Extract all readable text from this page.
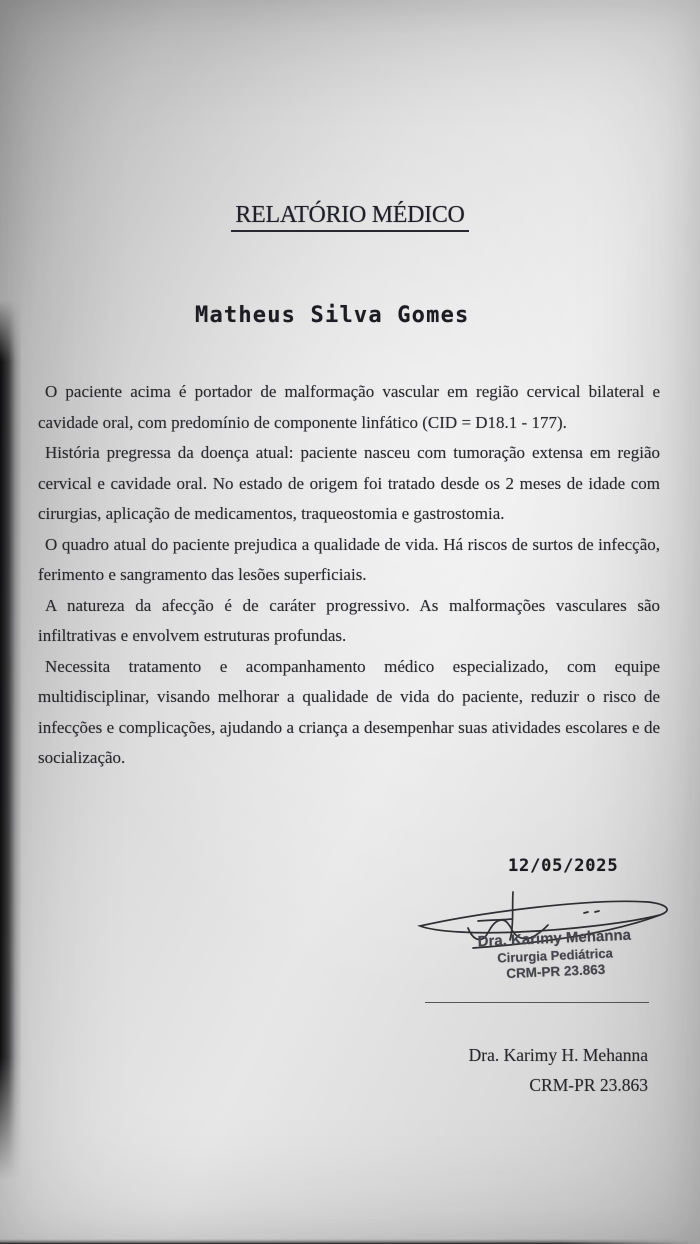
RELATÓRIO MÉDICO
Matheus Silva Gomes

O paciente acima é portador de malformação vascular em região cervical bilateral e cavidade oral, com predomínio de componente linfático (CID = D18.1 - 177).

História pregressa da doença atual: paciente nasceu com tumoração extensa em região cervical e cavidade oral. No estado de origem foi tratado desde os 2 meses de idade com cirurgias, aplicação de medicamentos, traqueostomia e gastrostomia.

O quadro atual do paciente prejudica a qualidade de vida. Há riscos de surtos de infecção, ferimento e sangramento das lesões superficiais.

A natureza da afecção é de caráter progressivo. As malformações vasculares são infiltrativas e envolvem estruturas profundas.

Necessita tratamento e acompanhamento médico especializado, com equipe multidisciplinar, visando melhorar a qualidade de vida do paciente, reduzir o risco de infecções e complicações, ajudando a criança a desempenhar suas atividades escolares e de socialização.

12/05/2025
Dra. Karimy Mehanna
Cirurgia Pediátrica
CRM-PR 23.863
Dra. Karimy H. Mehanna
CRM-PR 23.863
